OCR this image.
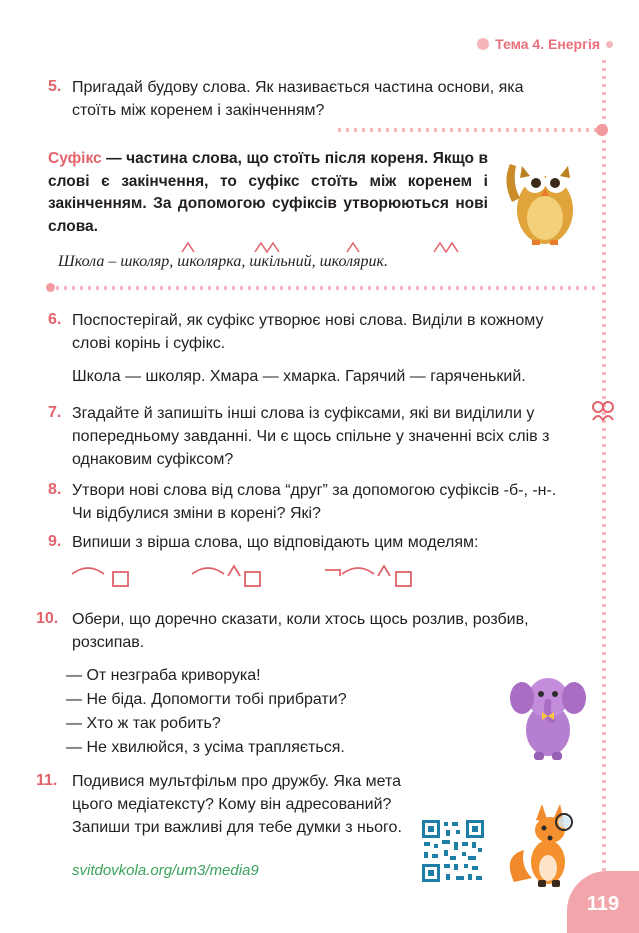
Тема 4. Енергія
5. Пригадай будову слова. Як називається частина основи, яка стоїть між коренем і закінченням?
Суфікс — частина слова, що стоїть після кореня. Якщо в слові є закінчення, то суфікс стоїть між коренем і закінченням. За допомогою суфіксів утворюються нові слова.
Школа – школяр, школярка, шкільний, школярик.
6. Поспостерігай, як суфікс утворює нові слова. Виділи в кожному слові корінь і суфікс.
Школа — школяр. Хмара — хмарка. Гарячий — гаряченький.
7. Згадайте й запишіть інші слова із суфіксами, які ви виділили у попередньому завданні. Чи є щось спільне у значенні всіх слів з однаковим суфіксом?
8. Утвори нові слова від слова “друг” за допомогою суфіксів -б-, -н-. Чи відбулися зміни в корені? Які?
9. Випиши з вірша слова, що відповідають цим моделям:
10. Обери, що доречно сказати, коли хтось щось розлив, розбив, розсипав.
— От незграба криворука!
— Не біда. Допомогти тобі прибрати?
— Хто ж так робить?
— Не хвилюйся, з усіма трапляється.
11. Подивися мультфільм про дружбу. Яка мета цього медіатексту? Кому він адресований? Запиши три важливі для тебе думки з нього.
svitdovkola.org/um3/media9
119
